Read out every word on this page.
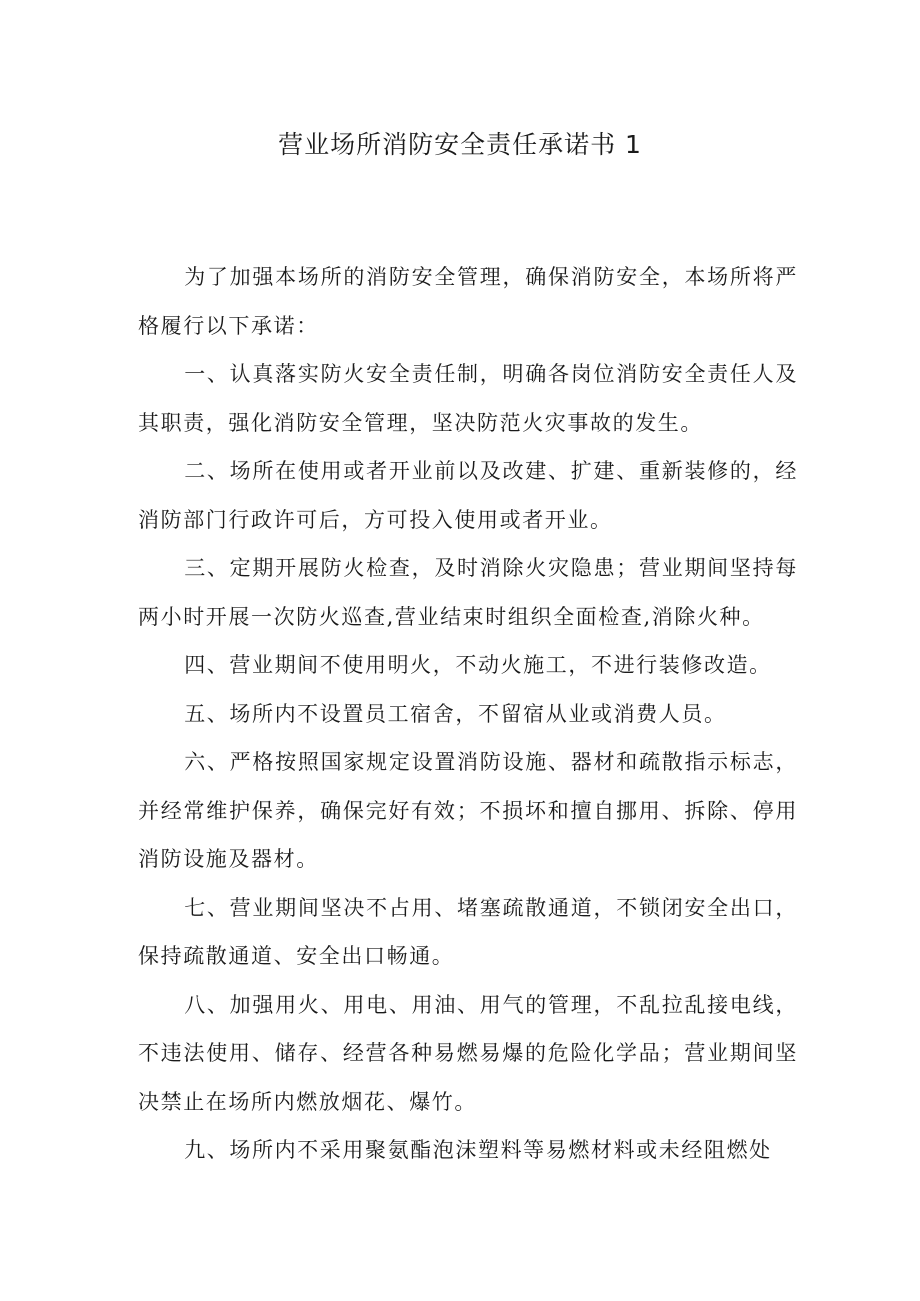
营业场所消防安全责任承诺书 1

为了加强本场所的消防安全管理，确保消防安全，本场所将严格履行以下承诺：

一、认真落实防火安全责任制，明确各岗位消防安全责任人及其职责，强化消防安全管理，坚决防范火灾事故的发生。

二、场所在使用或者开业前以及改建、扩建、重新装修的，经消防部门行政许可后，方可投入使用或者开业。

三、定期开展防火检查，及时消除火灾隐患；营业期间坚持每两小时开展一次防火巡查,营业结束时组织全面检查,消除火种。

四、营业期间不使用明火，不动火施工，不进行装修改造。

五、场所内不设置员工宿舍，不留宿从业或消费人员。

六、严格按照国家规定设置消防设施、器材和疏散指示标志，并经常维护保养，确保完好有效；不损坏和擅自挪用、拆除、停用消防设施及器材。

七、营业期间坚决不占用、堵塞疏散通道，不锁闭安全出口，保持疏散通道、安全出口畅通。

八、加强用火、用电、用油、用气的管理，不乱拉乱接电线，不违法使用、储存、经营各种易燃易爆的危险化学品；营业期间坚决禁止在场所内燃放烟花、爆竹。

九、场所内不采用聚氨酯泡沫塑料等易燃材料或未经阻燃处
